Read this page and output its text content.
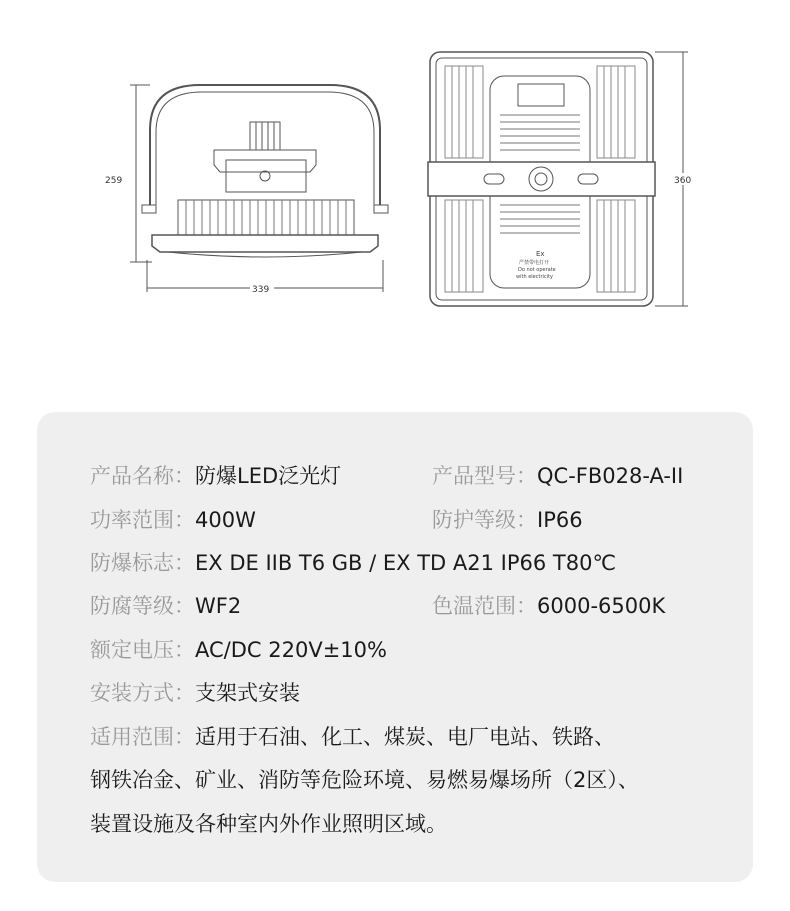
339
259	360
Ex
严禁带电打开
Do not operate
with electricity
产品名称：防爆LED泛光灯	产品型号：QC-FB028-A-II
功率范围：400W	防护等级：IP66
防爆标志：EX DE IIB T6 GB / EX TD A21 IP66 T80℃
防腐等级：WF2	色温范围：6000-6500K
额定电压：AC/DC 220V±10%
安装方式：支架式安装
适用范围：适用于石油、化工、煤炭、电厂电站、铁路、
钢铁冶金、矿业、消防等危险环境、易燃易爆场所（2区）、
装置设施及各种室内外作业照明区域。
